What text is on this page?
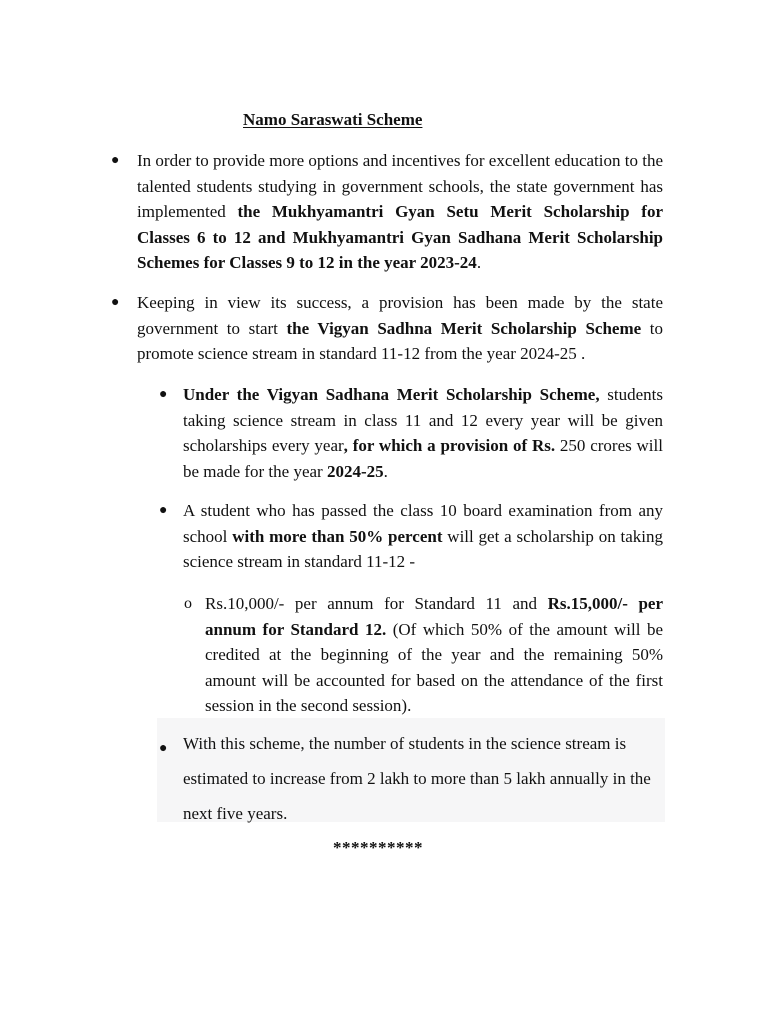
Namo Saraswati Scheme
● In order to provide more options and incentives for excellent education to the talented students studying in government schools, the state government has implemented the Mukhyamantri Gyan Setu Merit Scholarship for Classes 6 to 12 and Mukhyamantri Gyan Sadhana Merit Scholarship Schemes for Classes 9 to 12 in the year 2023-24.
● Keeping in view its success, a provision has been made by the state government to start the Vigyan Sadhna Merit Scholarship Scheme to promote science stream in standard 11-12 from the year 2024-25 .
● Under the Vigyan Sadhana Merit Scholarship Scheme, students taking science stream in class 11 and 12 every year will be given scholarships every year, for which a provision of Rs. 250 crores will be made for the year 2024-25.
● A student who has passed the class 10 board examination from any school with more than 50% percent will get a scholarship on taking science stream in standard 11-12 -
o Rs.10,000/- per annum for Standard 11 and Rs.15,000/- per annum for Standard 12. (Of which 50% of the amount will be credited at the beginning of the year and the remaining 50% amount will be accounted for based on the attendance of the first session in the second session).
● With this scheme, the number of students in the science stream is estimated to increase from 2 lakh to more than 5 lakh annually in the next five years.
**********
